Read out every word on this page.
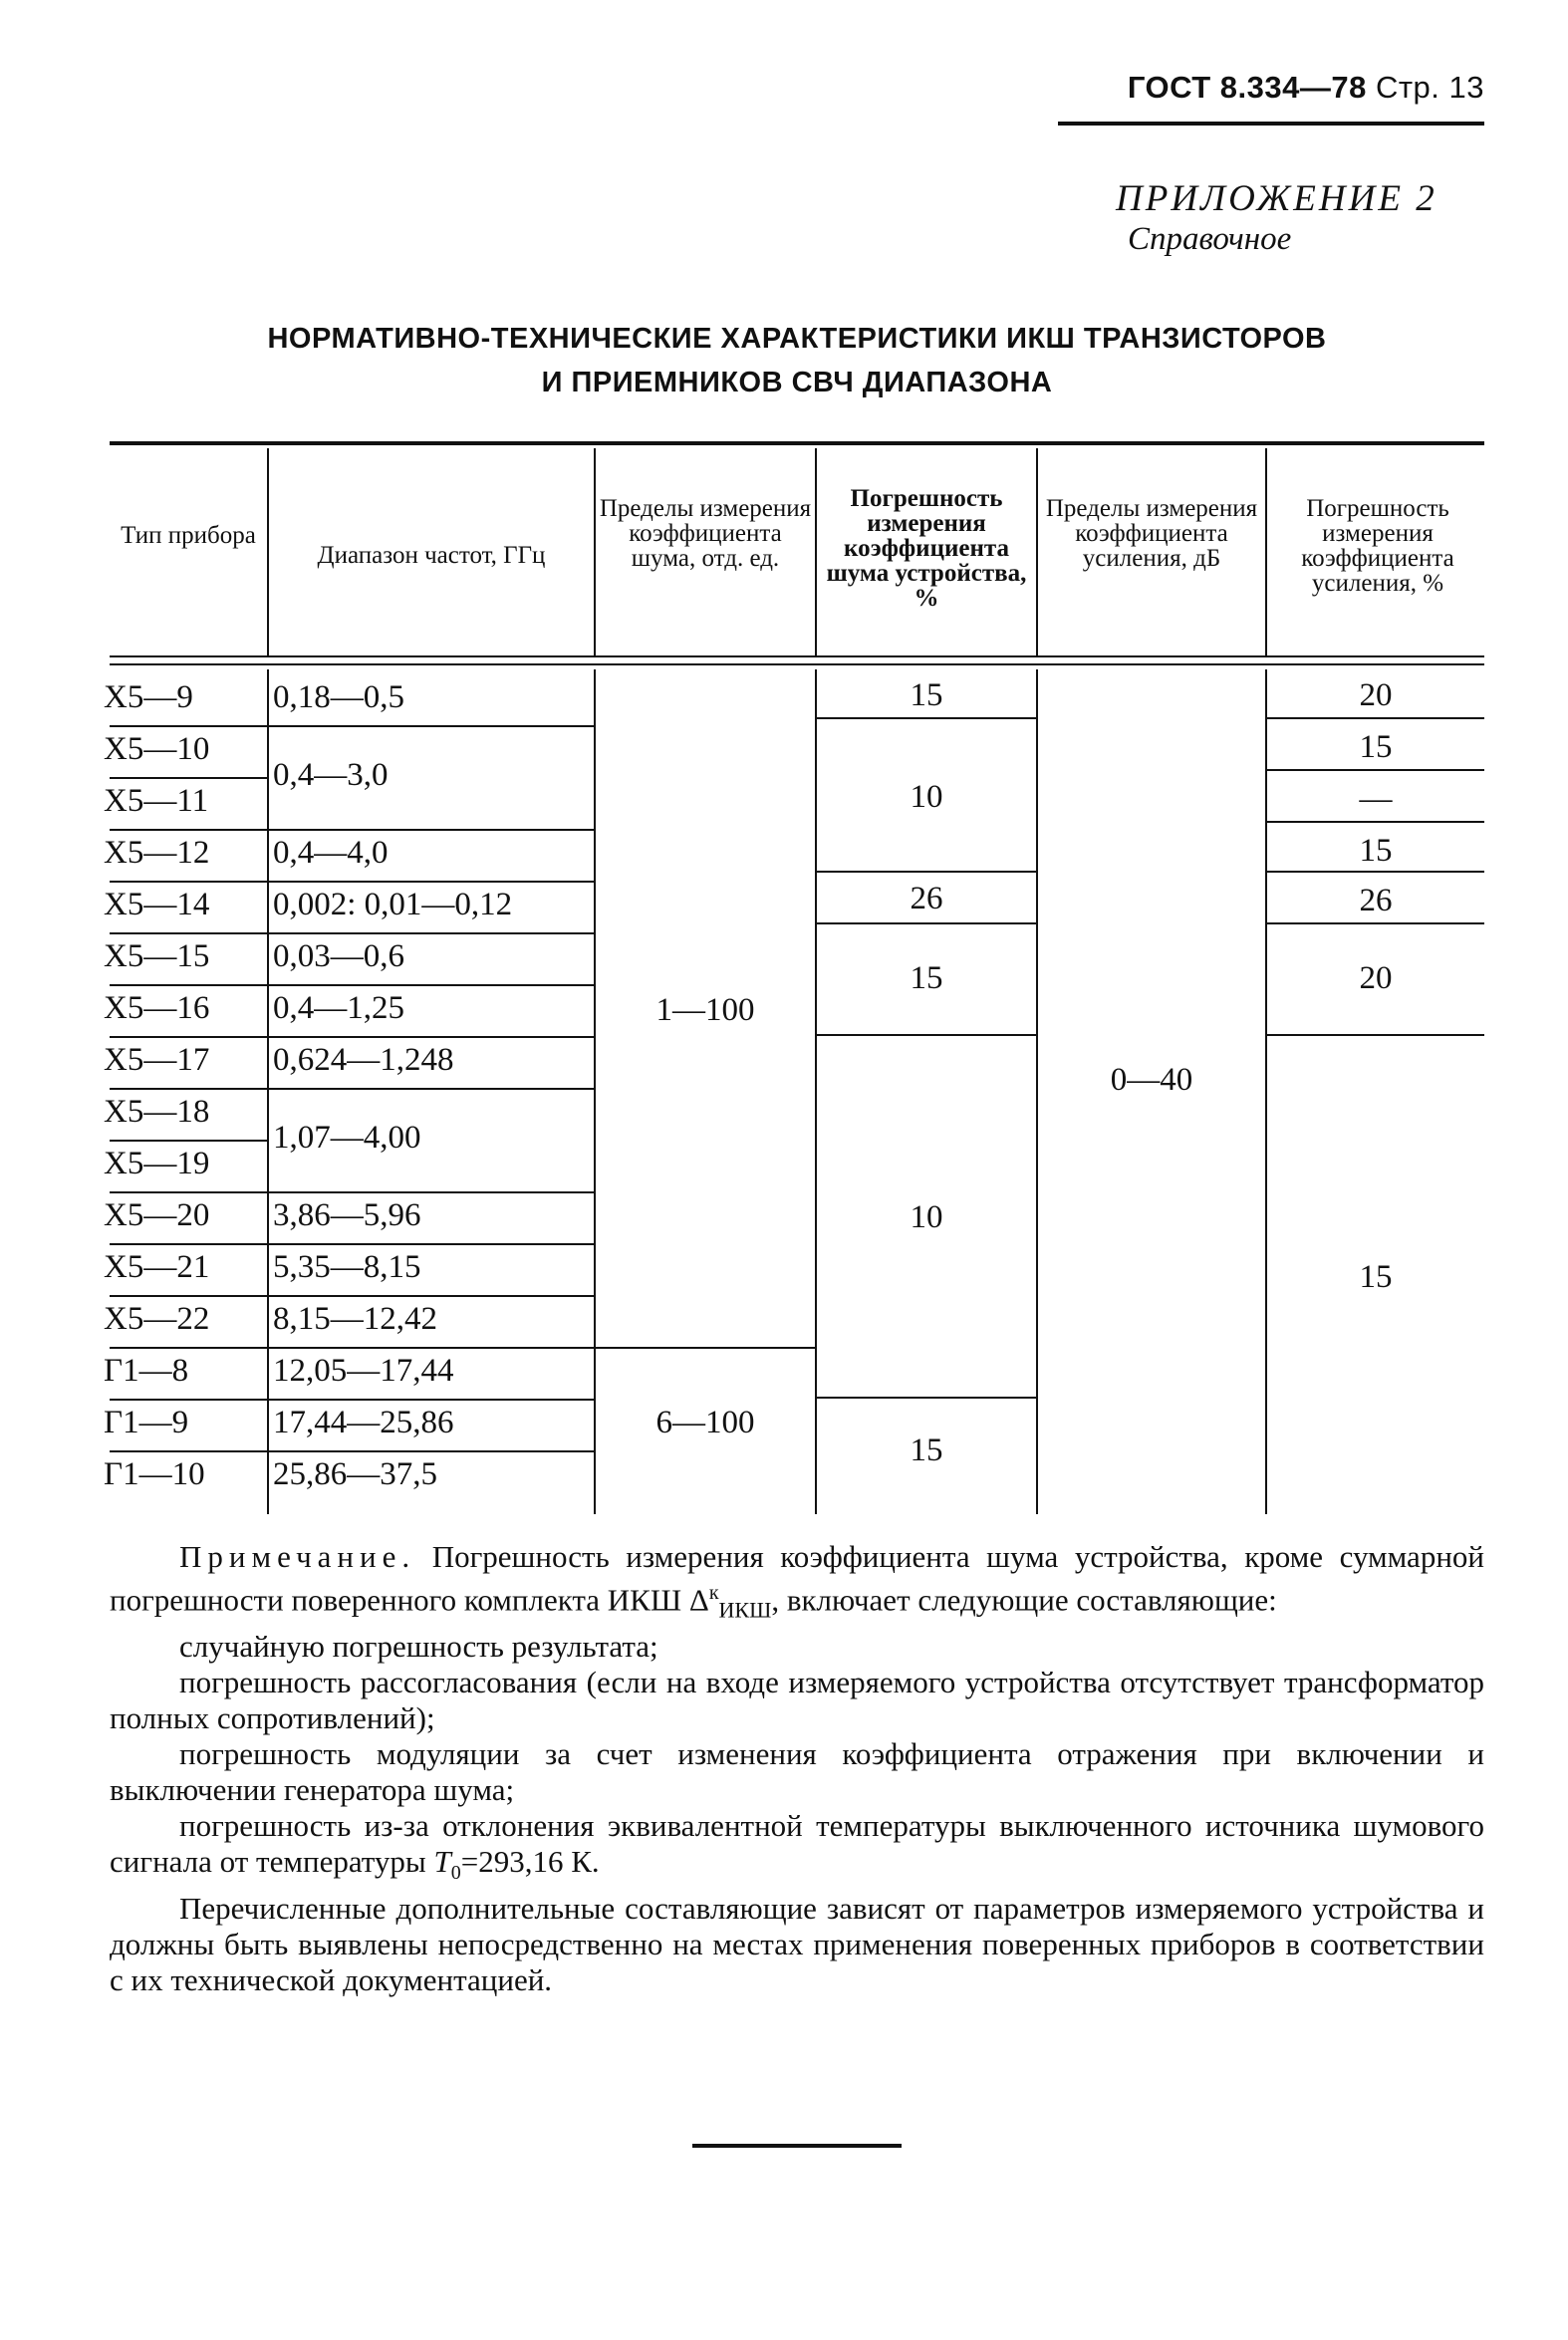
ГОСТ 8.334—78 Стр. 13
ПРИЛОЖЕНИЕ 2
Справочное
НОРМАТИВНО-ТЕХНИЧЕСКИЕ ХАРАКТЕРИСТИКИ ИКШ ТРАНЗИСТОРОВ
И ПРИЕМНИКОВ СВЧ ДИАПАЗОНА
Тип прибора
Диапазон частот, ГГц
Пределы измерения коэффициента шума, отд. ед.
Погрешность измерения коэффициента шума устройства, %
Пределы измерения коэффициента усиления, дБ
Погрешность измерения коэффициента усиления, %
Х5—9
Х5—10
Х5—11
Х5—12
Х5—14
Х5—15
Х5—16
Х5—17
Х5—18
Х5—19
Х5—20
Х5—21
Х5—22
Г1—8
Г1—9
Г1—10
0,18—0,5
0,4—3,0
0,4—4,0
0,002: 0,01—0,12
0,03—0,6
0,4—1,25
0,624—1,248
1,07—4,00
3,86—5,96
5,35—8,15
8,15—12,42
12,05—17,44
17,44—25,86
25,86—37,5
1—100
6—100
15
10
26
15
10
15
0—40
20
15
—
15
26
20
15

Примечание. Погрешность измерения коэффициента шума устройства, кроме суммарной погрешности поверенного комплекта ИКШ $\Delta^к_{ИКШ}$, включает следующие составляющие:

случайную погрешность результата;

погрешность рассогласования (если на входе измеряемого устройства отсутствует трансформатор полных сопротивлений);

погрешность модуляции за счет изменения коэффициента отражения при включении и выключении генератора шума;

погрешность из-за отклонения эквивалентной температуры выключенного источника шумового сигнала от температуры $T_0=293,16$ К.

Перечисленные дополнительные составляющие зависят от параметров измеряемого устройства и должны быть выявлены непосредственно на местах применения поверенных приборов в соответствии с их технической документацией.
